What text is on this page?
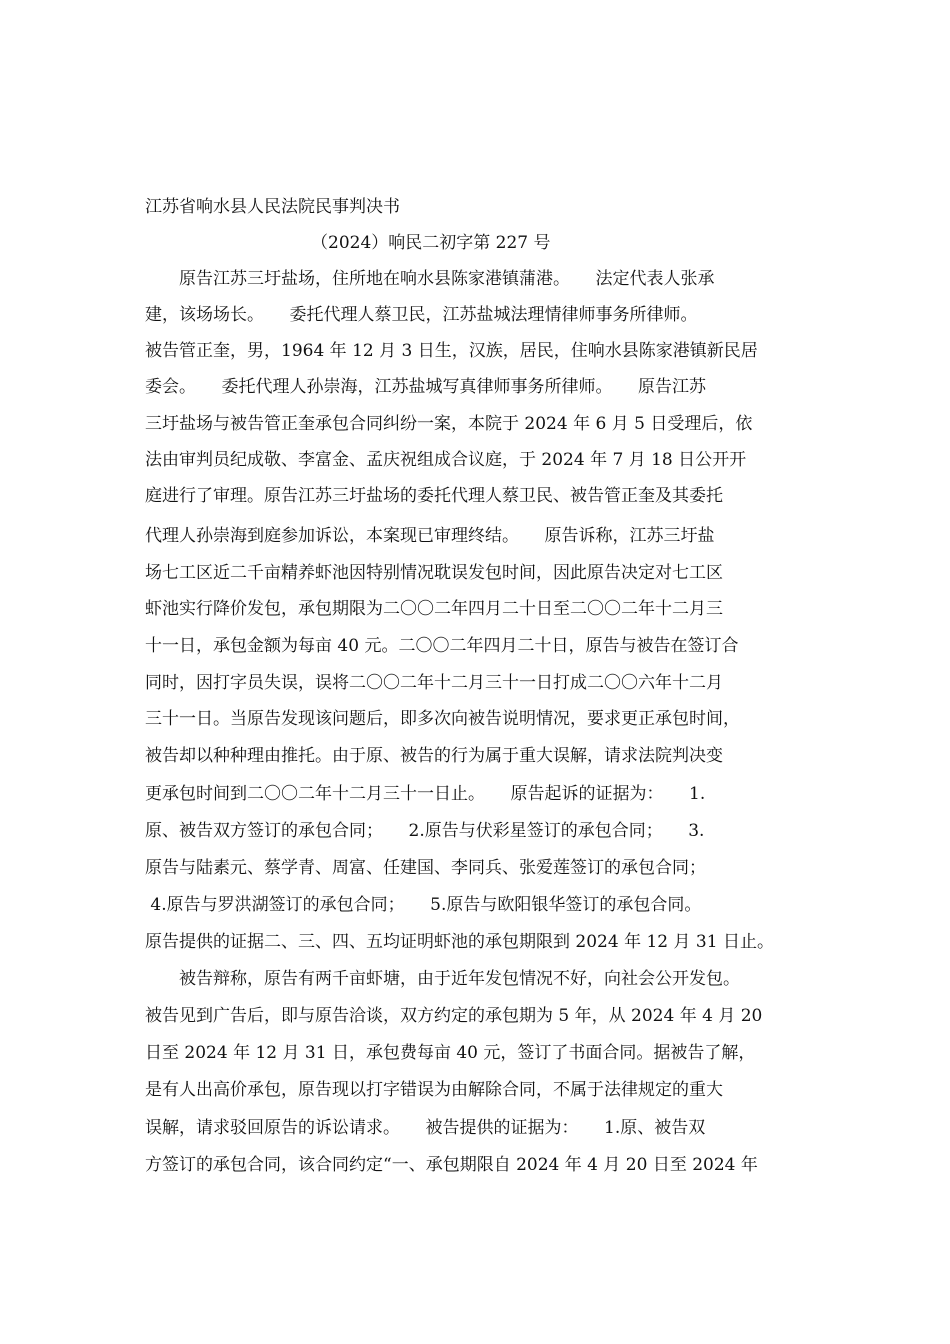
江苏省响水县人民法院民事判决书
（2024）响民二初字第 227 号
　　原告江苏三圩盐场，住所地在响水县陈家港镇蒲港。　　法定代表人张承
建，该场场长。　　委托代理人蔡卫民，江苏盐城法理情律师事务所律师。
被告管正奎，男，1964 年 12 月 3 日生，汉族，居民，住响水县陈家港镇新民居
委会。　　委托代理人孙崇海，江苏盐城写真律师事务所律师。　　原告江苏
三圩盐场与被告管正奎承包合同纠纷一案，本院于 2024 年 6 月 5 日受理后，依
法由审判员纪成敬、李富金、孟庆祝组成合议庭，于 2024 年 7 月 18 日公开开
庭进行了审理。原告江苏三圩盐场的委托代理人蔡卫民、被告管正奎及其委托
代理人孙崇海到庭参加诉讼，本案现已审理终结。　　原告诉称，江苏三圩盐
场七工区近二千亩精养虾池因特别情况耽误发包时间，因此原告决定对七工区
虾池实行降价发包，承包期限为二〇〇二年四月二十日至二〇〇二年十二月三
十一日，承包金额为每亩 40 元。二〇〇二年四月二十日，原告与被告在签订合
同时，因打字员失误，误将二〇〇二年十二月三十一日打成二〇〇六年十二月
三十一日。当原告发现该问题后，即多次向被告说明情况，要求更正承包时间，
被告却以种种理由推托。由于原、被告的行为属于重大误解，请求法院判决变
更承包时间到二〇〇二年十二月三十一日止。　　原告起诉的证据为：　　1.
原、被告双方签订的承包合同；　　2.原告与伏彩星签订的承包合同；　　3.
原告与陆素元、蔡学青、周富、任建国、李同兵、张爱莲签订的承包合同；
4.原告与罗洪湖签订的承包合同；　　5.原告与欧阳银华签订的承包合同。
原告提供的证据二、三、四、五均证明虾池的承包期限到 2024 年 12 月 31 日止。
　　被告辩称，原告有两千亩虾塘，由于近年发包情况不好，向社会公开发包。
被告见到广告后，即与原告洽谈，双方约定的承包期为 5 年，从 2024 年 4 月 20
日至 2024 年 12 月 31 日，承包费每亩 40 元，签订了书面合同。据被告了解，
是有人出高价承包，原告现以打字错误为由解除合同，不属于法律规定的重大
误解，请求驳回原告的诉讼请求。　　被告提供的证据为：　　1.原、被告双
方签订的承包合同，该合同约定“一、承包期限自 2024 年 4 月 20 日至 2024 年
